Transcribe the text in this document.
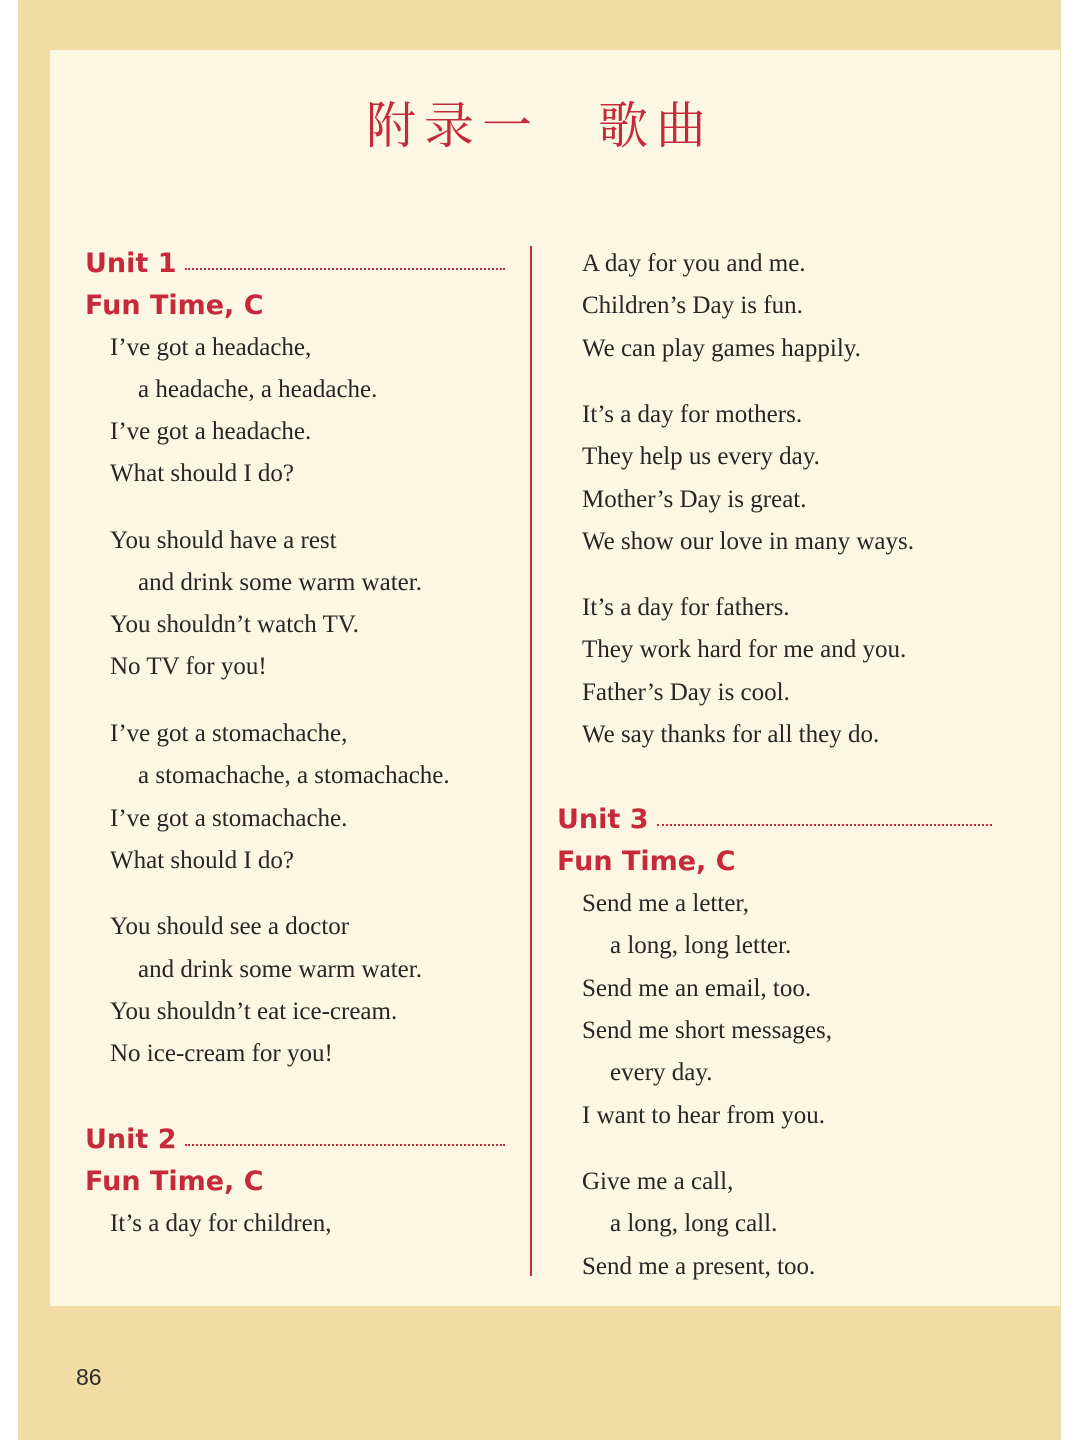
附录一　歌曲
Unit 1
Fun Time, C
I’ve got a headache,
a headache, a headache.
I’ve got a headache.
What should I do?
You should have a rest
and drink some warm water.
You shouldn’t watch TV.
No TV for you!
I’ve got a stomachache,
a stomachache, a stomachache.
I’ve got a stomachache.
What should I do?
You should see a doctor
and drink some warm water.
You shouldn’t eat ice-cream.
No ice-cream for you!
Unit 2
Fun Time, C
It’s a day for children,
A day for you and me.
Children’s Day is fun.
We can play games happily.
It’s a day for mothers.
They help us every day.
Mother’s Day is great.
We show our love in many ways.
It’s a day for fathers.
They work hard for me and you.
Father’s Day is cool.
We say thanks for all they do.
Unit 3
Fun Time, C
Send me a letter,
a long, long letter.
Send me an email, too.
Send me short messages,
every day.
I want to hear from you.
Give me a call,
a long, long call.
Send me a present, too.
86
